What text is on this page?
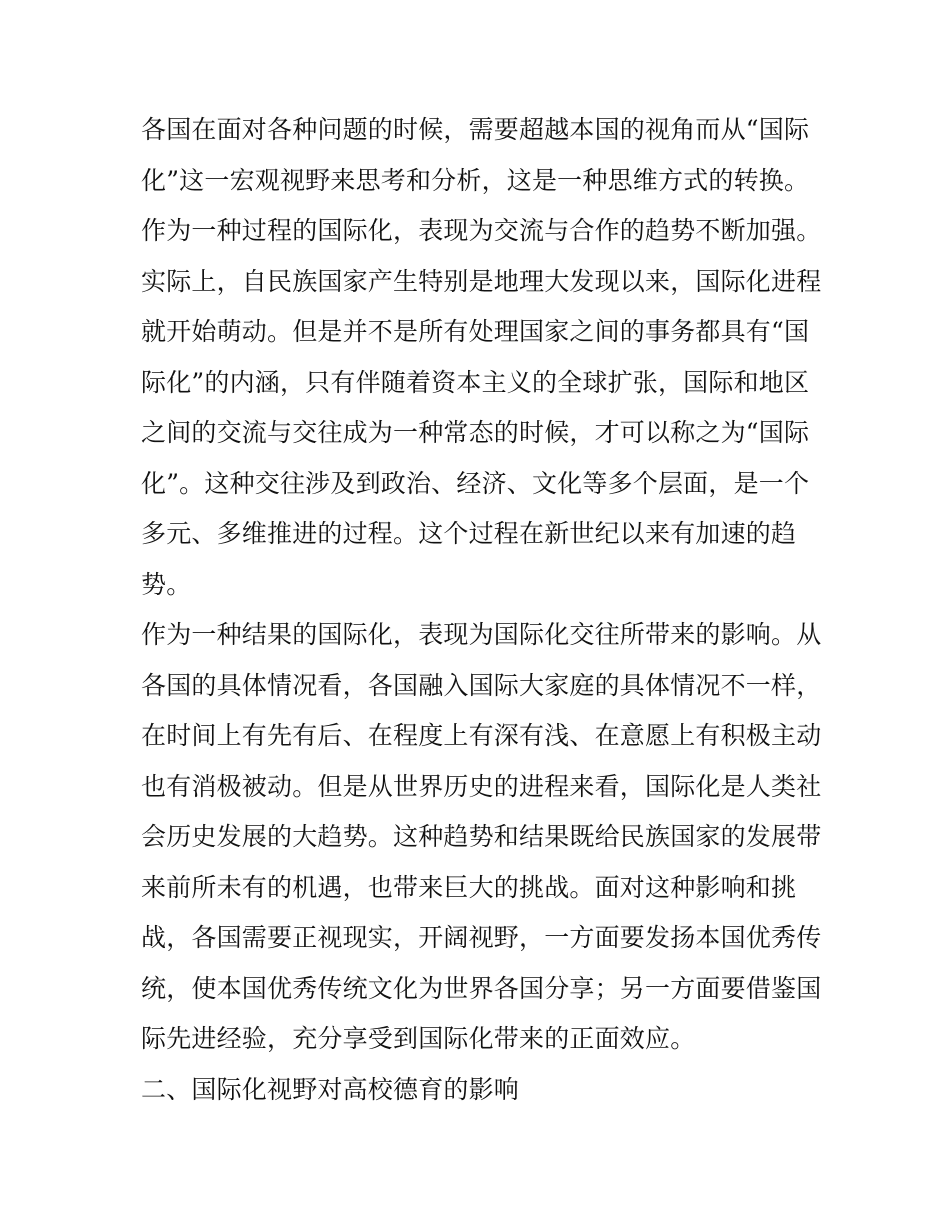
各国在面对各种问题的时候，需要超越本国的视角而从“国际
化”这一宏观视野来思考和分析，这是一种思维方式的转换。
作为一种过程的国际化，表现为交流与合作的趋势不断加强。
实际上，自民族国家产生特别是地理大发现以来，国际化进程
就开始萌动。但是并不是所有处理国家之间的事务都具有“国
际化”的内涵，只有伴随着资本主义的全球扩张，国际和地区
之间的交流与交往成为一种常态的时候，才可以称之为“国际
化”。这种交往涉及到政治、经济、文化等多个层面，是一个
多元、多维推进的过程。这个过程在新世纪以来有加速的趋
势。
作为一种结果的国际化，表现为国际化交往所带来的影响。从
各国的具体情况看，各国融入国际大家庭的具体情况不一样，
在时间上有先有后、在程度上有深有浅、在意愿上有积极主动
也有消极被动。但是从世界历史的进程来看，国际化是人类社
会历史发展的大趋势。这种趋势和结果既给民族国家的发展带
来前所未有的机遇，也带来巨大的挑战。面对这种影响和挑
战，各国需要正视现实，开阔视野，一方面要发扬本国优秀传
统，使本国优秀传统文化为世界各国分享；另一方面要借鉴国
际先进经验，充分享受到国际化带来的正面效应。
二、国际化视野对高校德育的影响
